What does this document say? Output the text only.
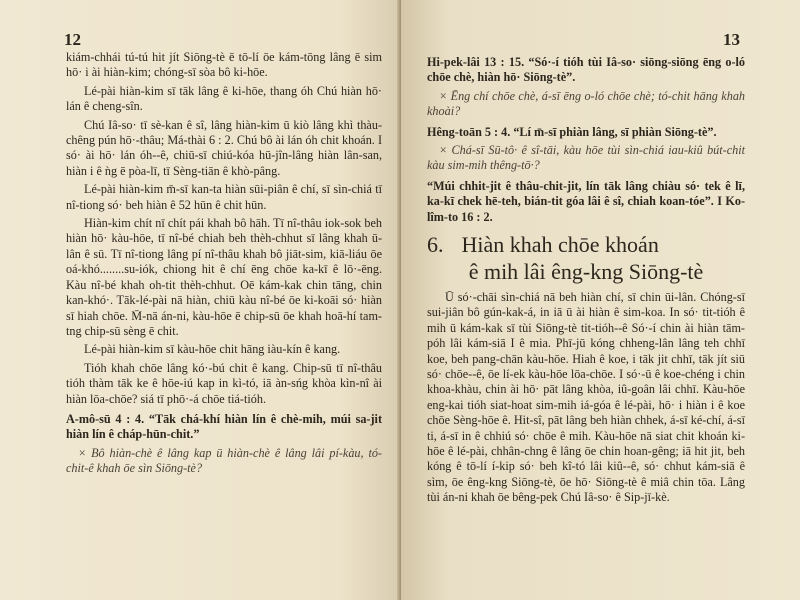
12

kiám-chhái tú-tú hit jít Siōng-tè ē tō-lí ōe kám-tōng lâng ē sim hō· i ài hiàn-kim; chóng-sī sòa bô ki-hōe.

Lé-pài hiàn-kim sī tāk lâng ê ki-hōe, thang óh Chú hiàn hō· lán ê cheng-sîn.

Chú Iâ-so· tī sè-kan ê sî, lâng hiàn-kim ū kiò lâng khì thàu-chêng pún hō·-thâu; Má-thài 6 : 2. Chú bô ài lán óh chit khoán. I só· ài hō· lán óh--ê, chiū-sī chiú-kóa hū-jîn-lâng hiàn lân-san, hiàn i ê ǹg ē pòa-lī, tī Sèng-tiān ê khò-pâng.

Lé-pài hiàn-kim m̄-sī kan-ta hiàn sūi-piân ê chí, sī sìn-chiá tī nî-tiong só· beh hiàn ê 52 hūn ê chit hūn.

Hiàn-kim chít nī chít pái khah bô hāh. Tī nî-thâu iok-sok beh hiàn hō· kàu-hōe, tī nî-bé chiah beh thèh-chhut sī lâng khah ū-lân ê sū. Tī nî-tiong lâng pí nî-thâu khah bô jiāt-sim, kiā-liáu ōe oá-khó........su-iók, chiong hit ê chí ēng chōe ka-kī ê lō·-ēng. Kàu nî-bé khah oh-tit thèh-chhut. Oē kám-kak chin tāng, chin kan-khó·. Tāk-lé-pài nā hiàn, chiū kàu nî-bé ōe ki-koāi só· hiàn sī hiah chōe. M̄-nā án-ni, kàu-hōe ē chip-sū ōe khah hoā-hí tam-tng chip-sū sèng ē chit.

Lé-pài hiàn-kim sī kàu-hōe chit hāng iàu-kín ê kang.

Tióh khah chōe lâng kó·-bú chit ê kang. Chip-sū tī nî-thâu tióh thàm tāk ke ê hōe-iú kap in kì-tó, iā àn-sńg khòa kìn-nî ài hiàn lōa-chōe? siá tī phō·-á chōe tiá-tióh.

A-mô-sū 4 : 4. “Tāk chá-khí hiàn lín ê chè-mih, múi sa-jit hiàn lín ê cháp-hūn-chit.”

× Bô hiàn-chè ê lâng kap ū hiàn-chè ê lâng lâi pí-kàu, tó-chit-ê khah ōe sìn Siōng-tè?

13

Hi-pek-lâi 13 : 15. “Só·-í tióh tùi Iâ-so· siōng-siōng ēng o-ló chōe chè, hiàn hō· Siōng-tè”.

× Ēng chí chōe chè, á-sī ēng o-ló chōe chè; tó-chit hāng khah khoài?

Hêng-toān 5 : 4. “Lí m̄-sī phiàn lâng, sī phiàn Siōng-tè”.

× Chá-sī Sū-tô· ê sî-tāi, kàu hōe tùi sìn-chiá iau-kiû bút-chit kàu sim-mih thêng-tō·?

“Múi chhit-jit ê thâu-chit-jit, lín tāk lâng chiàu só· tek ê lī, ka-kī chek hē-teh, bián-tit góa lâi ê sî, chiah koan-tóe”. I Ko-lîm-to 16 : 2.

6. Hiàn khah chōe khoán
ê mih lâi êng-kng Siōng-tè

Ū só·-chāi sìn-chiá nā beh hiàn chí, sī chin ūi-lân. Chóng-sī sui-jiân bô gún-kak-á, in iā ū ài hiàn ê sim-koa. In só· tit-tióh ê mih ū kám-kak sī tùi Siōng-tè tit-tióh--ê Só·-í chin ài hiàn tām-póh lâi kám-siā I ê mia. Phī-jū kóng chheng-lân lâng teh chhī koe, beh pang-chān kàu-hōe. Hiah ê koe, i tāk jit chhī, tāk jít siū só· chōe--ê, ōe lí-ek kàu-hōe lōa-chōe. I só·-ū ê koe-chéng i chin khoa-khàu, chin ài hō· pāt lâng khòa, iû-goân lâi chhī. Kàu-hōe eng-kai tióh siat-hoat sim-mih iá-góa ê lé-pài, hō· i hiàn i ê koe chōe Sèng-hōe ê. Hit-sî, pāt lâng beh hiàn chhek, á-sī ké-chí, á-sī ti, á-sī in ê chhiú só· chōe ê mih. Kàu-hōe nā siat chit khoán ki-hōe ê lé-pài, chhân-chng ê lâng ōe chin hoan-gêng; iā hit jit, beh kóng ê tō-lí í-kip só· beh kî-tó lâi kiû--ê, só· chhut kám-siā ê sìm, ōe êng-kng Siōng-tè, ōe hō· Siōng-tè ê miâ chin tōa. Lâng tùi án-ni khah ōe bêng-pek Chú Iâ-so· ê Sip-jī-kè.
